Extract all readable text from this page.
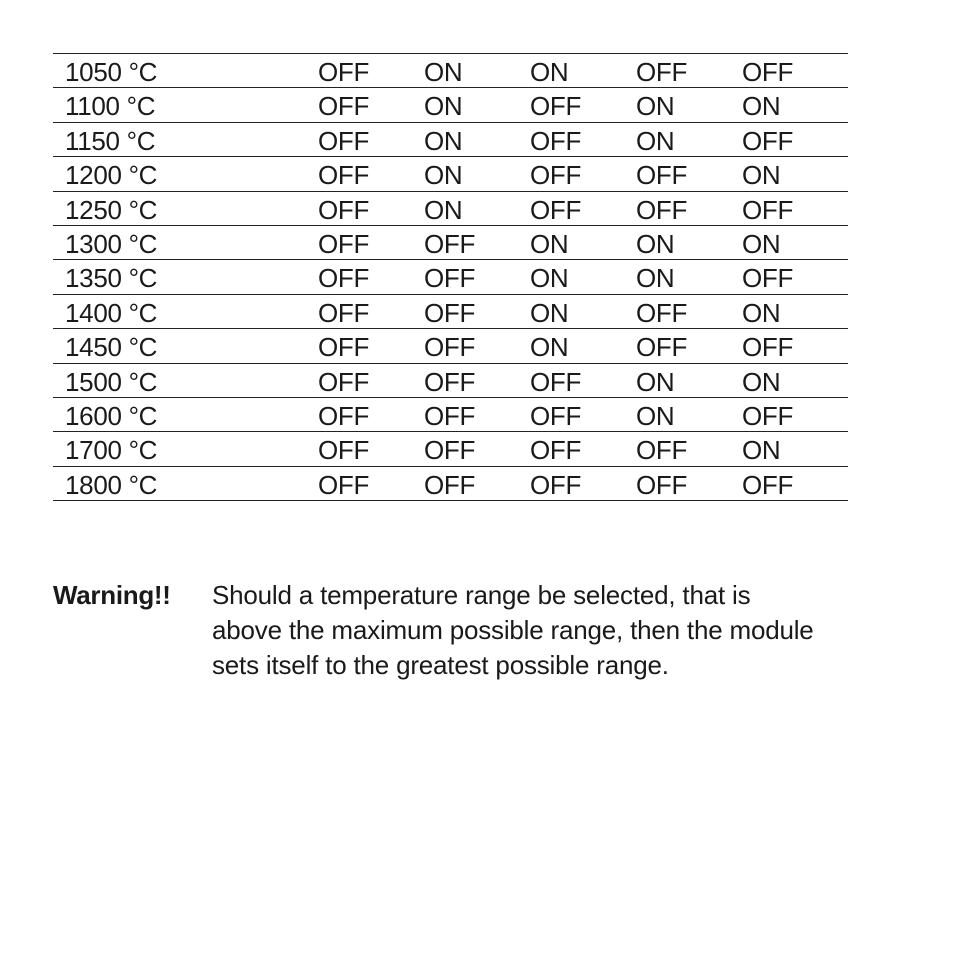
1050 °C	OFF ON	ON	OFF OFF
1100 °C	OFF ON	OFF ON	ON
1150 °C	OFF ON	OFF ON	OFF
1200 °C	OFF ON	OFF OFF ON
1250 °C	OFF ON	OFF OFF OFF
1300 °C	OFF OFF ON	ON	ON
1350 °C	OFF OFF ON	ON	OFF
1400 °C	OFF OFF ON	OFF ON
1450 °C	OFF OFF ON	OFF OFF
1500 °C	OFF OFF OFF ON	ON
1600 °C	OFF OFF OFF ON	OFF
1700 °C	OFF OFF OFF OFF ON
1800 °C	OFF OFF OFF OFF OFF
Warning!! Should a temperature range be selected, that is
above the maximum possible range, then the module
sets itself to the greatest possible range.
